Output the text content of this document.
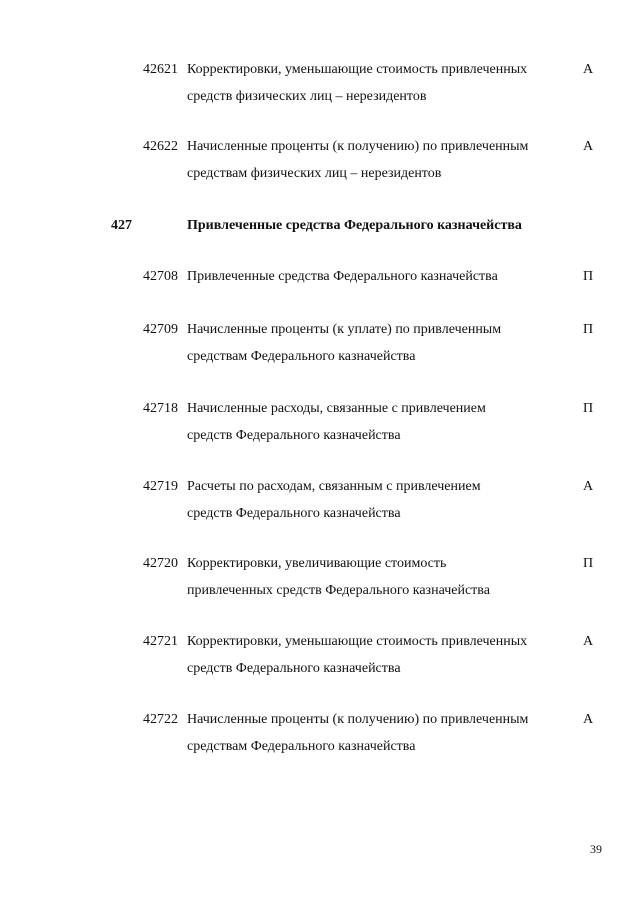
42621 Корректировки, уменьшающие стоимость привлеченных
средств физических лиц – нерезидентов
А
42622 Начисленные проценты (к получению) по привлеченным
средствам физических лиц – нерезидентов
А
427	Привлеченные средства Федерального казначейства
42708 Привлеченные средства Федерального казначейства	П
42709 Начисленные проценты (к уплате) по привлеченным
средствам Федерального казначейства
П
42718 Начисленные расходы, связанные с привлечением
средств Федерального казначейства
П
42719 Расчеты по расходам, связанным с привлечением
средств Федерального казначейства
А
42720 Корректировки, увеличивающие стоимость
привлеченных средств Федерального казначейства
П
42721 Корректировки, уменьшающие стоимость привлеченных
средств Федерального казначейства
А
42722 Начисленные проценты (к получению) по привлеченным
средствам Федерального казначейства
А
39
